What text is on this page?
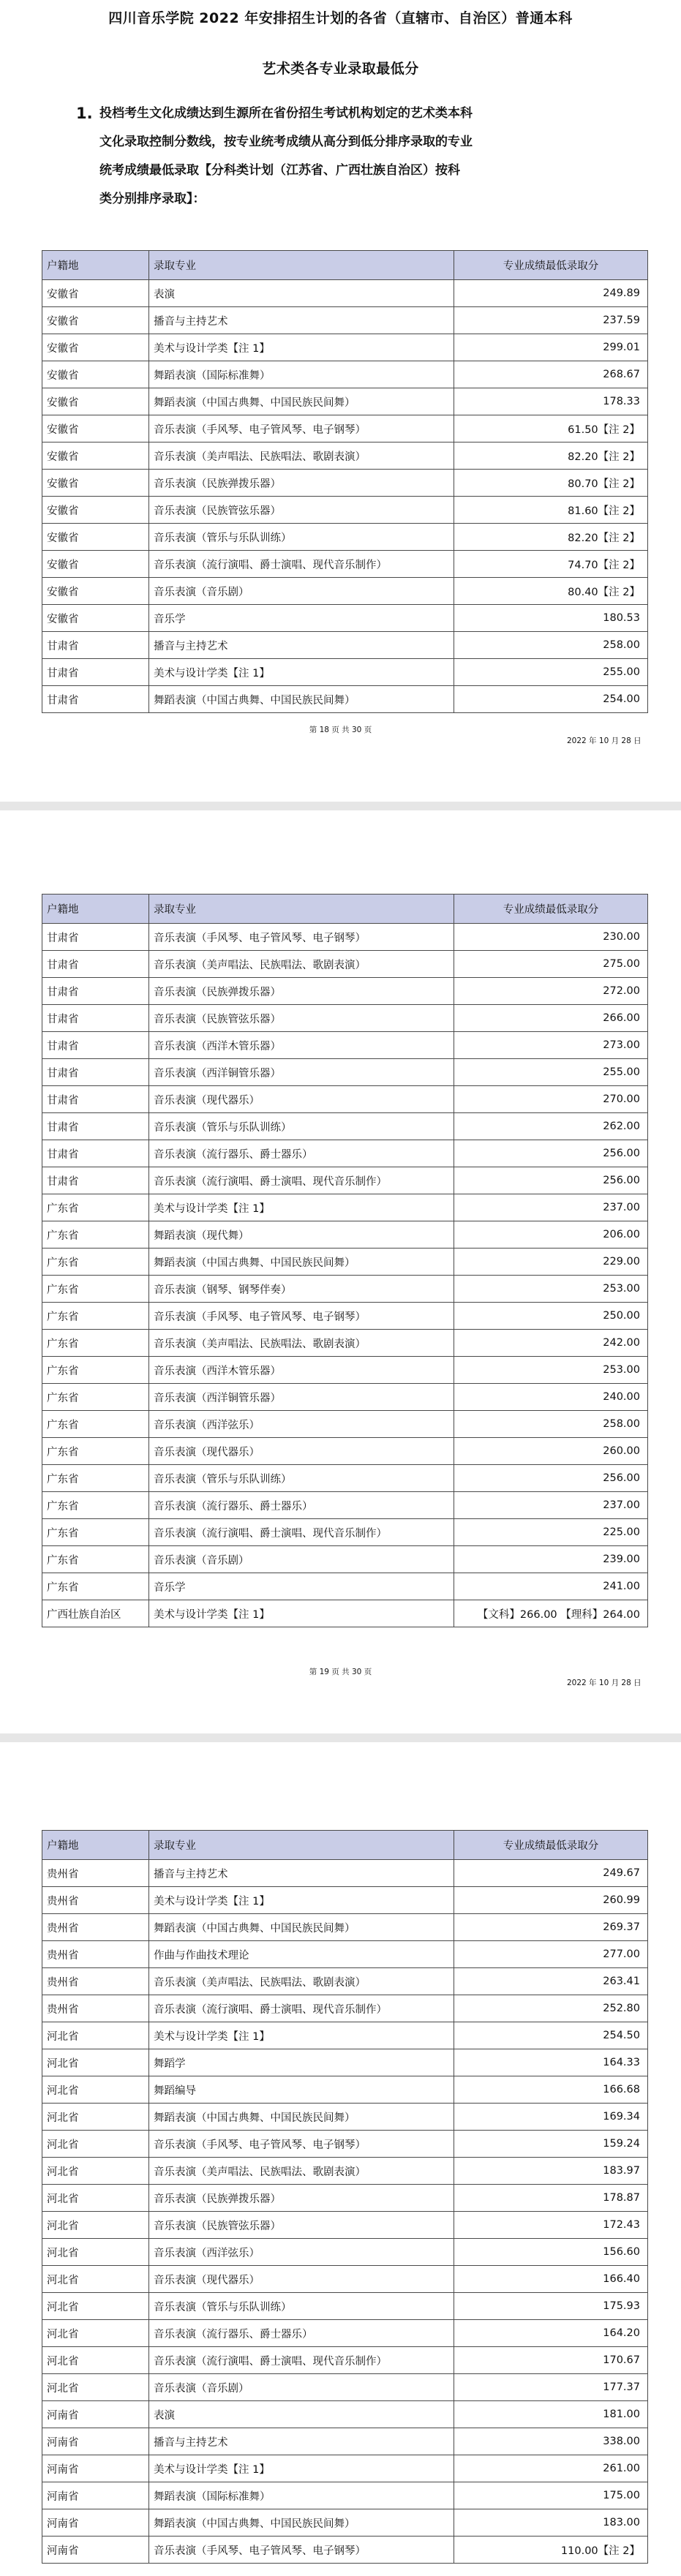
四川音乐学院 2022 年安排招生计划的各省（直辖市、自治区）普通本科
艺术类各专业录取最低分
1. 投档考生文化成绩达到生源所在省份招生考试机构划定的艺术类本科

文化录取控制分数线，按专业统考成绩从高分到低分排序录取的专业

统考成绩最低录取【分科类计划（江苏省、广西壮族自治区）按科

类分别排序录取】：

户籍地	录取专业	专业成绩最低录取分
安徽省	表演	249.89
安徽省	播音与主持艺术	237.59
安徽省	美术与设计学类【注 1】	299.01
安徽省	舞蹈表演（国际标准舞）	268.67
安徽省	舞蹈表演（中国古典舞、中国民族民间舞）	178.33
安徽省	音乐表演（手风琴、电子管风琴、电子钢琴）	61.50【注 2】
安徽省	音乐表演（美声唱法、民族唱法、歌剧表演）	82.20【注 2】
安徽省	音乐表演（民族弹拨乐器）	80.70【注 2】
安徽省	音乐表演（民族管弦乐器）	81.60【注 2】
安徽省	音乐表演（管乐与乐队训练）	82.20【注 2】
安徽省	音乐表演（流行演唱、爵士演唱、现代音乐制作）	74.70【注 2】
安徽省	音乐表演（音乐剧）	80.40【注 2】
安徽省	音乐学	180.53
甘肃省	播音与主持艺术	258.00
甘肃省	美术与设计学类【注 1】	255.00
甘肃省	舞蹈表演（中国古典舞、中国民族民间舞）	254.00
第 18 页 共 30 页
2022 年 10 月 28 日
户籍地	录取专业	专业成绩最低录取分
甘肃省	音乐表演（手风琴、电子管风琴、电子钢琴）	230.00
甘肃省	音乐表演（美声唱法、民族唱法、歌剧表演）	275.00
甘肃省	音乐表演（民族弹拨乐器）	272.00
甘肃省	音乐表演（民族管弦乐器）	266.00
甘肃省	音乐表演（西洋木管乐器）	273.00
甘肃省	音乐表演（西洋铜管乐器）	255.00
甘肃省	音乐表演（现代器乐）	270.00
甘肃省	音乐表演（管乐与乐队训练）	262.00
甘肃省	音乐表演（流行器乐、爵士器乐）	256.00
甘肃省	音乐表演（流行演唱、爵士演唱、现代音乐制作）	256.00
广东省	美术与设计学类【注 1】	237.00
广东省	舞蹈表演（现代舞）	206.00
广东省	舞蹈表演（中国古典舞、中国民族民间舞）	229.00
广东省	音乐表演（钢琴、钢琴伴奏）	253.00
广东省	音乐表演（手风琴、电子管风琴、电子钢琴）	250.00
广东省	音乐表演（美声唱法、民族唱法、歌剧表演）	242.00
广东省	音乐表演（西洋木管乐器）	253.00
广东省	音乐表演（西洋铜管乐器）	240.00
广东省	音乐表演（西洋弦乐）	258.00
广东省	音乐表演（现代器乐）	260.00
广东省	音乐表演（管乐与乐队训练）	256.00
广东省	音乐表演（流行器乐、爵士器乐）	237.00
广东省	音乐表演（流行演唱、爵士演唱、现代音乐制作）	225.00
广东省	音乐表演（音乐剧）	239.00
广东省	音乐学	241.00
广西壮族自治区	美术与设计学类【注 1】	【文科】266.00 【理科】264.00
第 19 页 共 30 页
2022 年 10 月 28 日
户籍地	录取专业	专业成绩最低录取分
贵州省	播音与主持艺术	249.67
贵州省	美术与设计学类【注 1】	260.99
贵州省	舞蹈表演（中国古典舞、中国民族民间舞）	269.37
贵州省	作曲与作曲技术理论	277.00
贵州省	音乐表演（美声唱法、民族唱法、歌剧表演）	263.41
贵州省	音乐表演（流行演唱、爵士演唱、现代音乐制作）	252.80
河北省	美术与设计学类【注 1】	254.50
河北省	舞蹈学	164.33
河北省	舞蹈编导	166.68
河北省	舞蹈表演（中国古典舞、中国民族民间舞）	169.34
河北省	音乐表演（手风琴、电子管风琴、电子钢琴）	159.24
河北省	音乐表演（美声唱法、民族唱法、歌剧表演）	183.97
河北省	音乐表演（民族弹拨乐器）	178.87
河北省	音乐表演（民族管弦乐器）	172.43
河北省	音乐表演（西洋弦乐）	156.60
河北省	音乐表演（现代器乐）	166.40
河北省	音乐表演（管乐与乐队训练）	175.93
河北省	音乐表演（流行器乐、爵士器乐）	164.20
河北省	音乐表演（流行演唱、爵士演唱、现代音乐制作）	170.67
河北省	音乐表演（音乐剧）	177.37
河南省	表演	181.00
河南省	播音与主持艺术	338.00
河南省	美术与设计学类【注 1】	261.00
河南省	舞蹈表演（国际标准舞）	175.00
河南省	舞蹈表演（中国古典舞、中国民族民间舞）	183.00
河南省	音乐表演（手风琴、电子管风琴、电子钢琴）	110.00【注 2】
